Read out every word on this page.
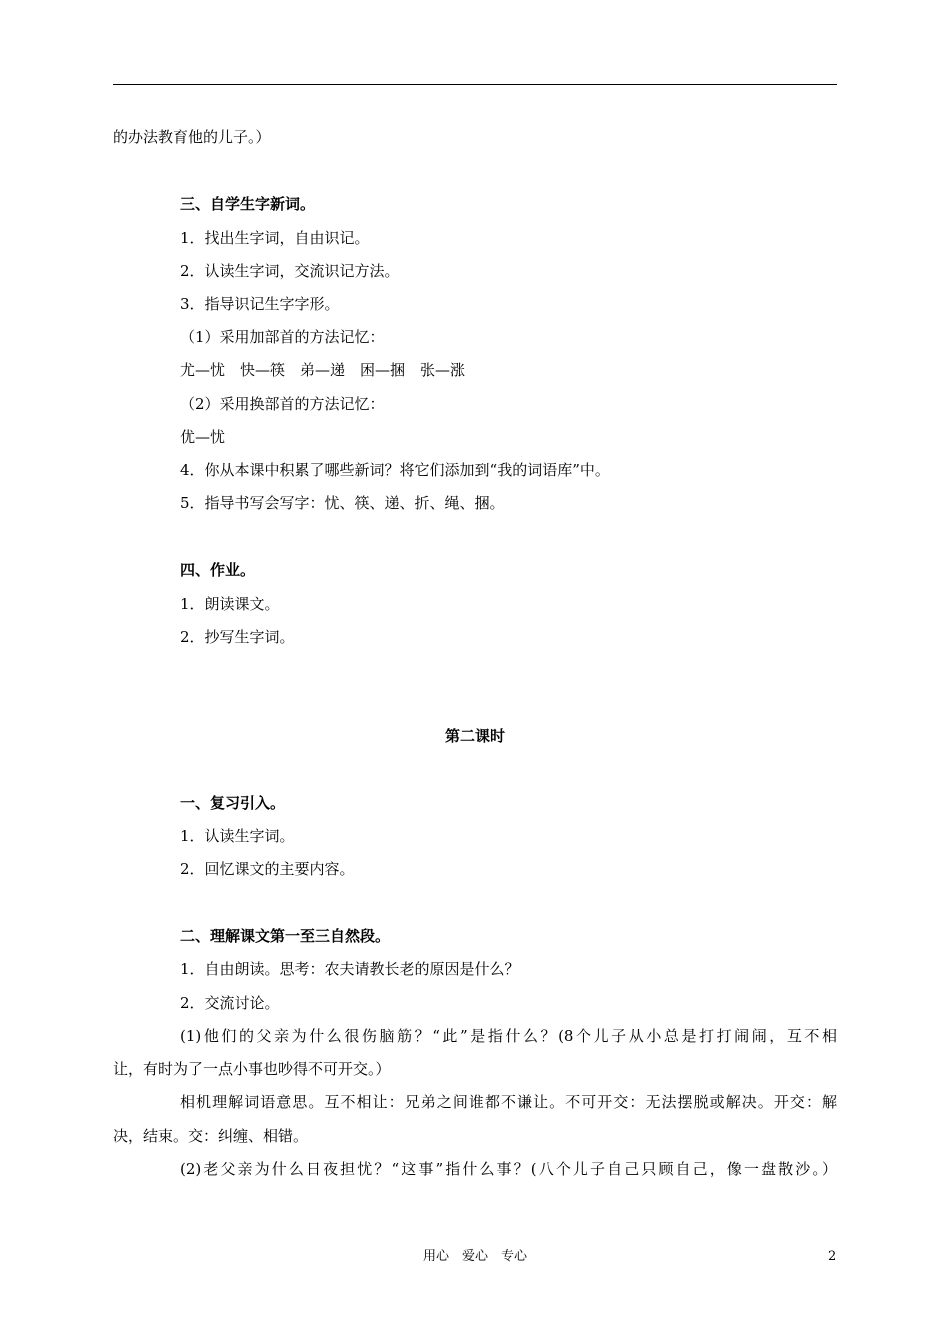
的办法教育他的儿子。）
三、自学生字新词。
1．找出生字词，自由识记。
2．认读生字词，交流识记方法。
3．指导识记生字字形。
（1）采用加部首的方法记忆：
尤—忧　快—筷　弟—递　困—捆　张—涨
（2）采用换部首的方法记忆：
优—忧
4．你从本课中积累了哪些新词？将它们添加到“我的词语库”中。
5．指导书写会写字：忧、筷、递、折、绳、捆。
四、作业。
1．朗读课文。
2．抄写生字词。
第二课时
一、复习引入。
1．认读生字词。
2．回忆课文的主要内容。
二、理解课文第一至三自然段。
1．自由朗读。思考：农夫请教长老的原因是什么？
2．交流讨论。
(1)他们的父亲为什么很伤脑筋？“此”是指什么？(8个儿子从小总是打打闹闹，互不相
让，有时为了一点小事也吵得不可开交。）
相机理解词语意思。互不相让：兄弟之间谁都不谦让。不可开交：无法摆脱或解决。开交：解
决，结束。交：纠缠、相错。
(2)老父亲为什么日夜担忧？“这事”指什么事？(八个儿子自己只顾自己，像一盘散沙。）
用心　爱心　专心	2
